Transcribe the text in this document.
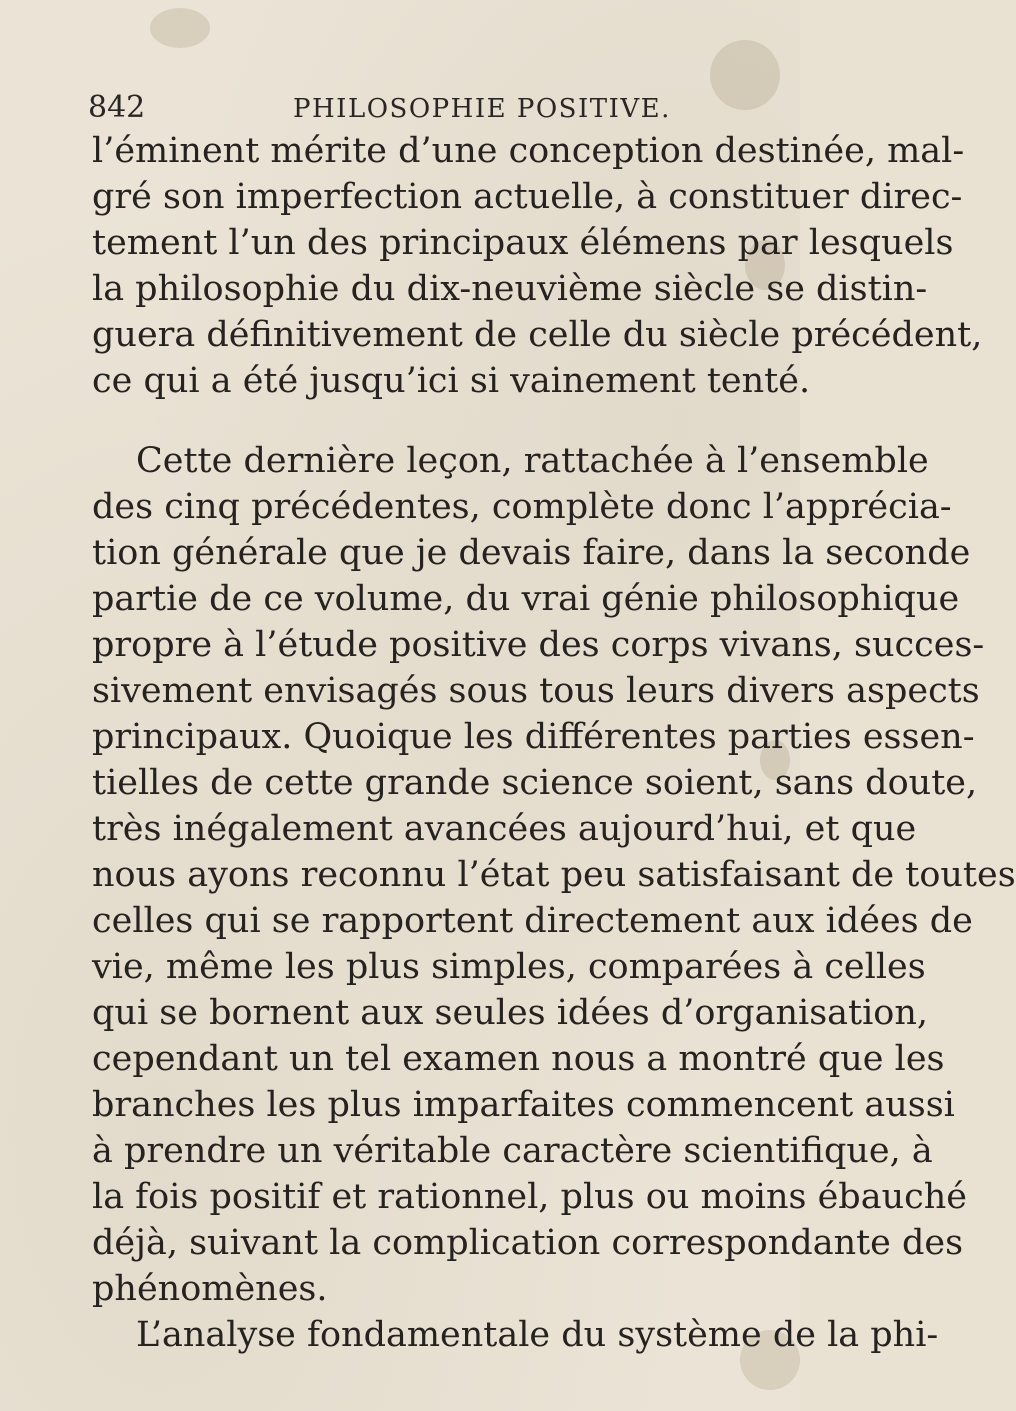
842	PHILOSOPHIE POSITIVE.
l’éminent mérite d’une conception destinée, mal-
gré son imperfection actuelle, à constituer direc-
tement l’un des principaux élémens par lesquels
la philosophie du dix-neuvième siècle se distin-
guera définitivement de celle du siècle précédent,
ce qui a été jusqu’ici si vainement tenté.
Cette dernière leçon, rattachée à l’ensemble
des cinq précédentes, complète donc l’apprécia-
tion générale que je devais faire, dans la seconde
partie de ce volume, du vrai génie philosophique
propre à l’étude positive des corps vivans, succes-
sivement envisagés sous tous leurs divers aspects
principaux. Quoique les différentes parties essen-
tielles de cette grande science soient, sans doute,
très inégalement avancées aujourd’hui, et que
nous ayons reconnu l’état peu satisfaisant de toutes
celles qui se rapportent directement aux idées de
vie, même les plus simples, comparées à celles
qui se bornent aux seules idées d’organisation,
cependant un tel examen nous a montré que les
branches les plus imparfaites commencent aussi
à prendre un véritable caractère scientifique, à
la fois positif et rationnel, plus ou moins ébauché
déjà, suivant la complication correspondante des
phénomènes.
L’analyse fondamentale du système de la phi-
